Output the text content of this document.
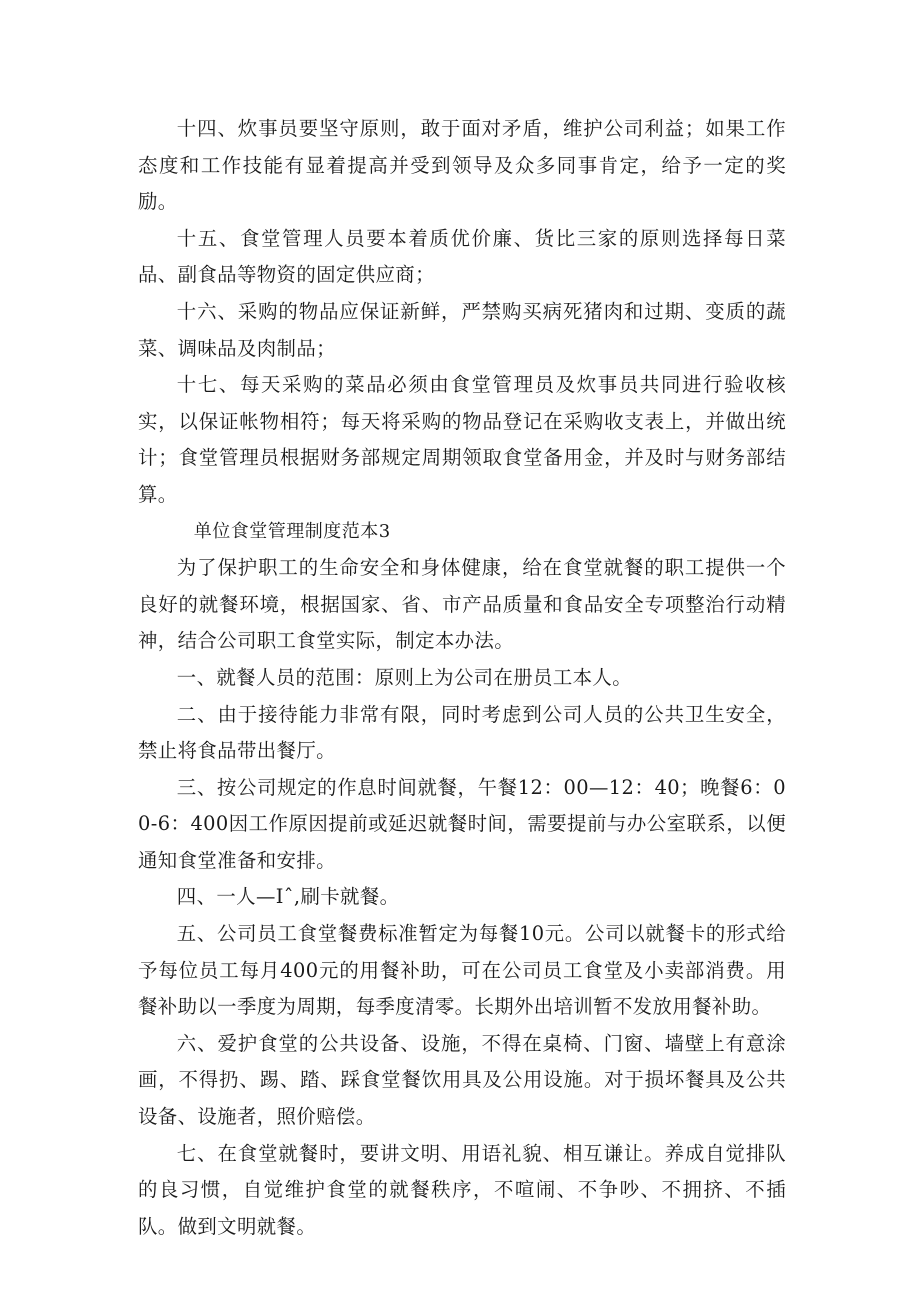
十四、炊事员要坚守原则，敢于面对矛盾，维护公司利益；如果工作态度和工作技能有显着提高并受到领导及众多同事肯定，给予一定的奖励。

十五、食堂管理人员要本着质优价廉、货比三家的原则选择每日菜品、副食品等物资的固定供应商；

十六、采购的物品应保证新鲜，严禁购买病死猪肉和过期、变质的蔬菜、调味品及肉制品；

十七、每天采购的菜品必须由食堂管理员及炊事员共同进行验收核实，以保证帐物相符；每天将采购的物品登记在采购收支表上，并做出统计；食堂管理员根据财务部规定周期领取食堂备用金，并及时与财务部结算。

单位食堂管理制度范本3

为了保护职工的生命安全和身体健康，给在食堂就餐的职工提供一个良好的就餐环境，根据国家、省、市产品质量和食品安全专项整治行动精神，结合公司职工食堂实际，制定本办法。

一、就餐人员的范围：原则上为公司在册员工本人。

二、由于接待能力非常有限，同时考虑到公司人员的公共卫生安全，禁止将食品带出餐厅。

三、按公司规定的作息时间就餐，午餐12：00—12：40；晚餐6：00-6：400因工作原因提前或延迟就餐时间，需要提前与办公室联系，以便通知食堂准备和安排。

四、一人—Iˆ,刷卡就餐。

五、公司员工食堂餐费标准暂定为每餐10元。公司以就餐卡的形式给予每位员工每月400元的用餐补助，可在公司员工食堂及小卖部消费。用餐补助以一季度为周期，每季度清零。长期外出培训暂不发放用餐补助。

六、爱护食堂的公共设备、设施，不得在桌椅、门窗、墙壁上有意涂画，不得扔、踢、踏、踩食堂餐饮用具及公用设施。对于损坏餐具及公共设备、设施者，照价赔偿。

七、在食堂就餐时，要讲文明、用语礼貌、相互谦让。养成自觉排队的良习惯，自觉维护食堂的就餐秩序，不喧闹、不争吵、不拥挤、不插队。做到文明就餐。
